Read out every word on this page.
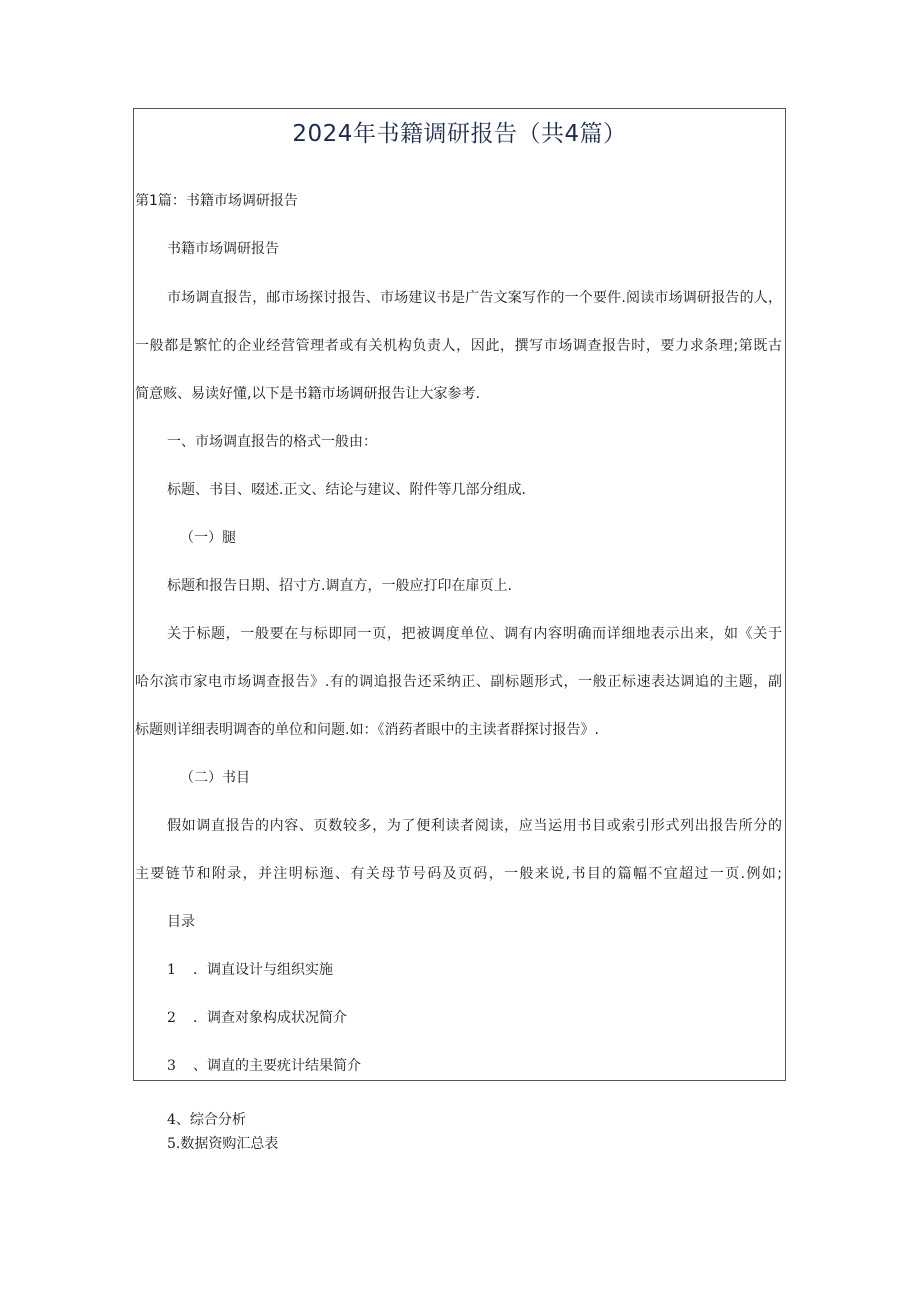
2024年书籍调研报告（共4篇）

第1篇：书籍市场调研报告

书籍市场调研报告

市场调直报告，邮市场探讨报告、市场建议书是广告文案写作的一个要件.阅读市场调研报告的人，

一般都是繁忙的企业经营管理者或有关机构负责人，因此，撰写市场调查报告时，要力求条理;第既古

简意赅、易读好懂,以下是书籍市场调研报告让大家参考.

一、市场调直报告的格式一般由：

标题、书目、啜述.正文、结论与建议、附件等几部分组成.

（一）腿

标题和报告日期、招寸方.调直方，一般应打印在扉页上.

关于标题，一般要在与标即同一页，把被调度单位、调有内容明确而详细地表示出来，如《关于

哈尔滨市家电市场调查报告》.有的调追报告还采纳正、副标题形式，一般正标速表达调追的主题，副

标题则详细表明调杳的单位和问题.如：《消药者眼中的主读者群探讨报告》.

（二）书目

假如调直报告的内容、页数较多，为了便利读者阅读，应当运用书目或索引形式列出报告所分的

主要链节和附录，并注明标迤、有关母节号码及页码，一般来说,书目的篇幅不宜超过一页.例如;

目录

1 ．调直设计与组织实施

2 ．调查对象构成状况简介

3 、调直的主要疣计结果简介

4、综合分析

5.数据资购汇总表
